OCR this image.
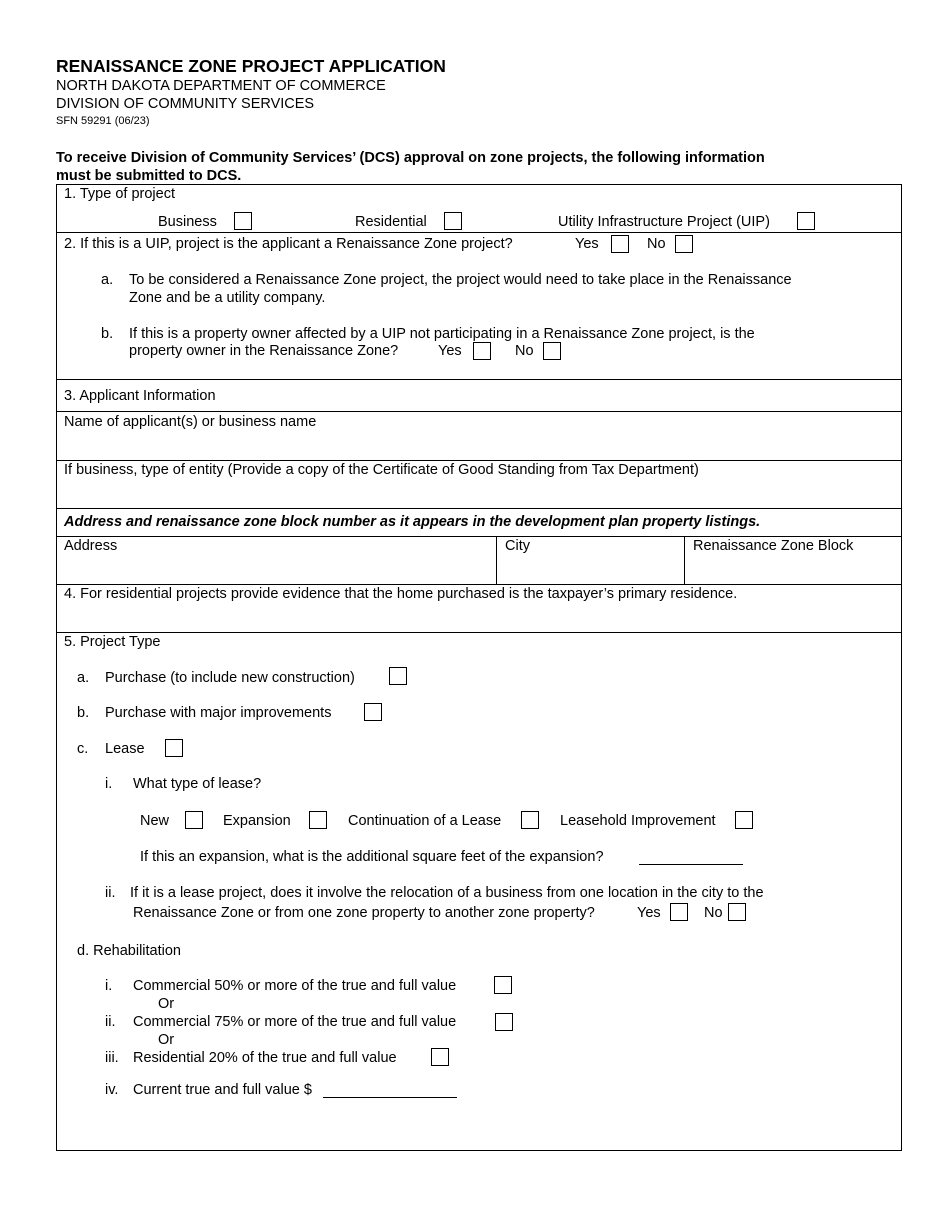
RENAISSANCE ZONE PROJECT APPLICATION
NORTH DAKOTA DEPARTMENT OF COMMERCE
DIVISION OF COMMUNITY SERVICES
SFN 59291 (06/23)
To receive Division of Community Services’ (DCS) approval on zone projects, the following information
must be submitted to DCS.
1. Type of project
Business	Residential	Utility Infrastructure Project (UIP)
2. If this is a UIP, project is the applicant a Renaissance Zone project?	Yes	No
a. To be considered a Renaissance Zone project, the project would need to take place in the Renaissance
Zone and be a utility company.
b. If this is a property owner affected by a UIP not participating in a Renaissance Zone project, is the
property owner in the Renaissance Zone?	Yes	No
3. Applicant Information
Name of applicant(s) or business name
If business, type of entity (Provide a copy of the Certificate of Good Standing from Tax Department)
Address and renaissance zone block number as it appears in the development plan property listings.
Address	City	Renaissance Zone Block
4. For residential projects provide evidence that the home purchased is the taxpayer’s primary residence.
5. Project Type
a. Purchase (to include new construction)
b. Purchase with major improvements
c. Lease
i. What type of lease?
New	Expansion	Continuation of a Lease	Leasehold Improvement
If this an expansion, what is the additional square feet of the expansion?
ii. If it is a lease project, does it involve the relocation of a business from one location in the city to the
Renaissance Zone or from one zone property to another zone property?	Yes	No
d. Rehabilitation
i. Commercial 50% or more of the true and full value
Or
ii. Commercial 75% or more of the true and full value
Or
iii. Residential 20% of the true and full value
iv. Current true and full value $
